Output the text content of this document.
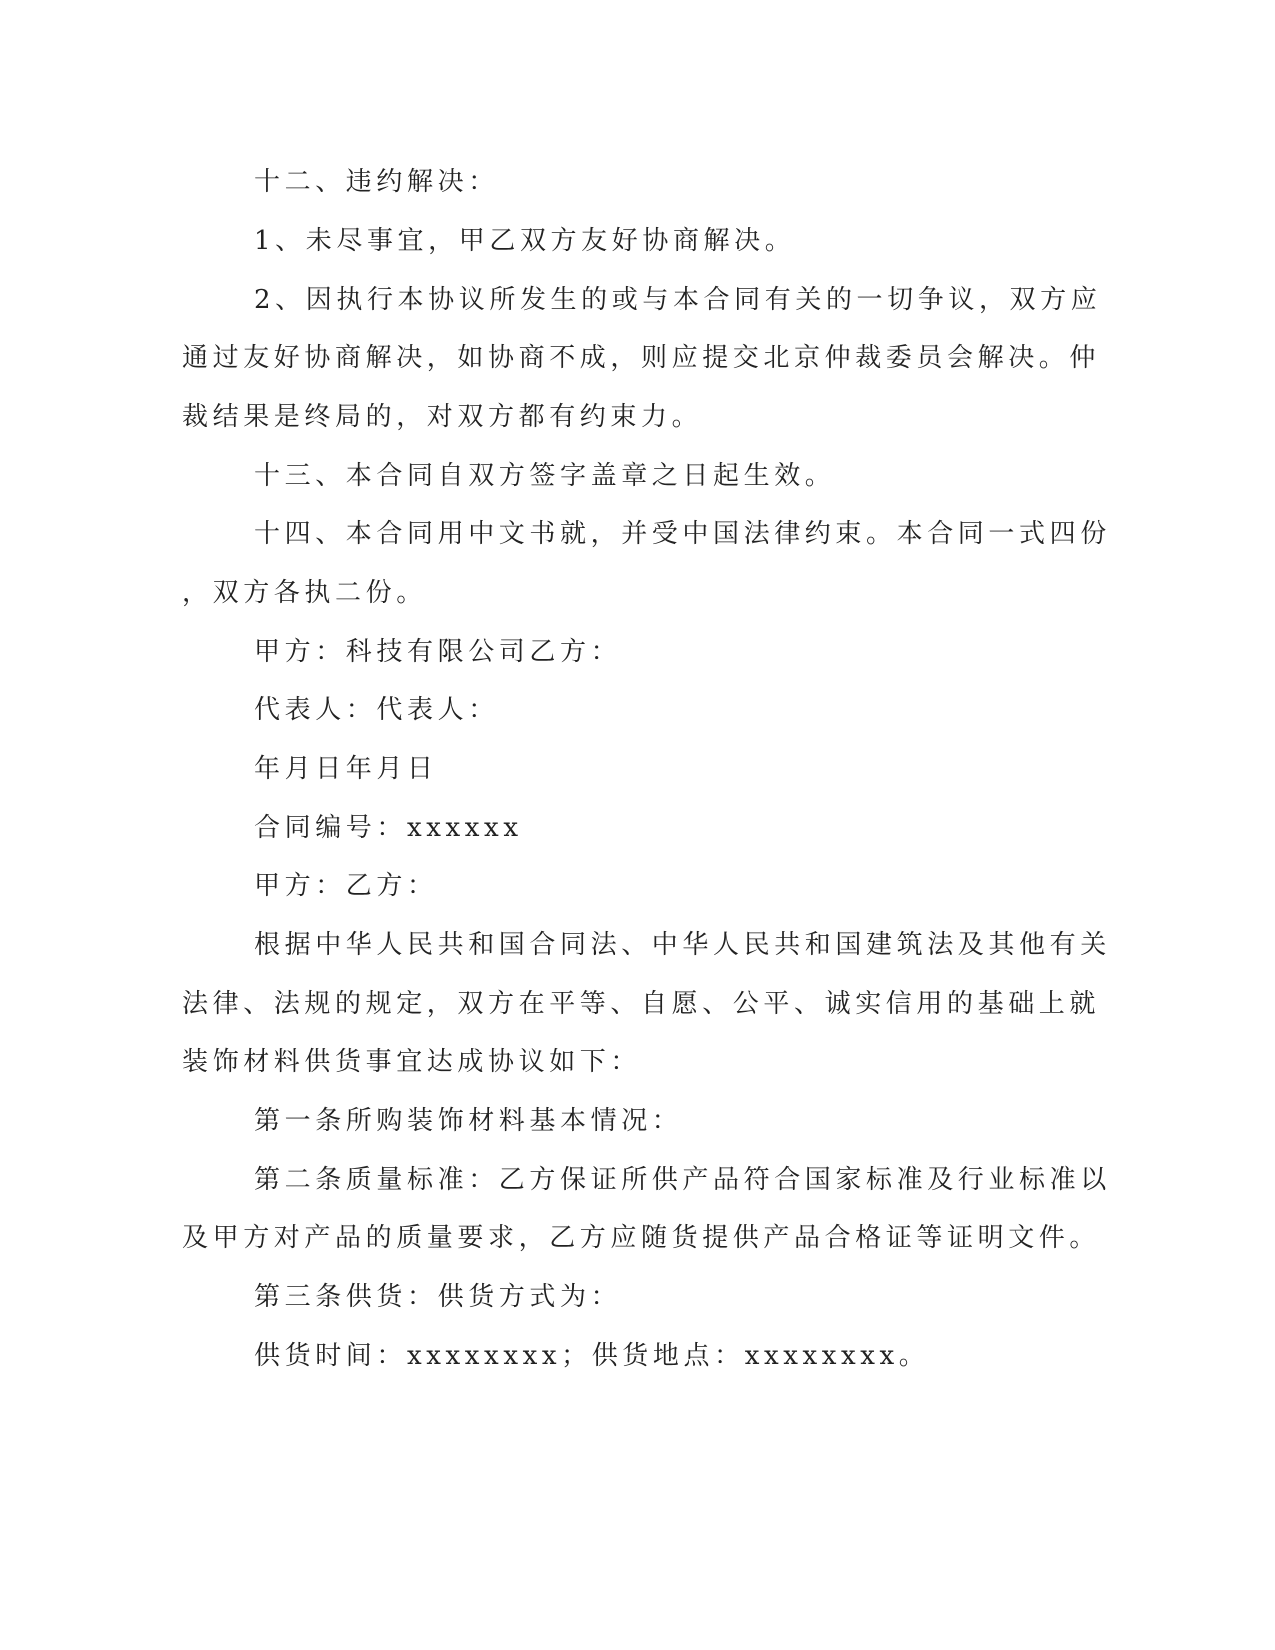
十二、违约解决：
1、未尽事宜，甲乙双方友好协商解决。
2、因执行本协议所发生的或与本合同有关的一切争议，双方应
通过友好协商解决，如协商不成，则应提交北京仲裁委员会解决。仲
裁结果是终局的，对双方都有约束力。
十三、本合同自双方签字盖章之日起生效。
十四、本合同用中文书就，并受中国法律约束。本合同一式四份
，双方各执二份。
甲方：科技有限公司乙方：
代表人：代表人：
年月日年月日
合同编号：xxxxxx
甲方：乙方：
根据中华人民共和国合同法、中华人民共和国建筑法及其他有关
法律、法规的规定，双方在平等、自愿、公平、诚实信用的基础上就
装饰材料供货事宜达成协议如下：
第一条所购装饰材料基本情况：
第二条质量标准：乙方保证所供产品符合国家标准及行业标准以
及甲方对产品的质量要求，乙方应随货提供产品合格证等证明文件。
第三条供货：供货方式为：
供货时间：xxxxxxxx；供货地点：xxxxxxxx。
